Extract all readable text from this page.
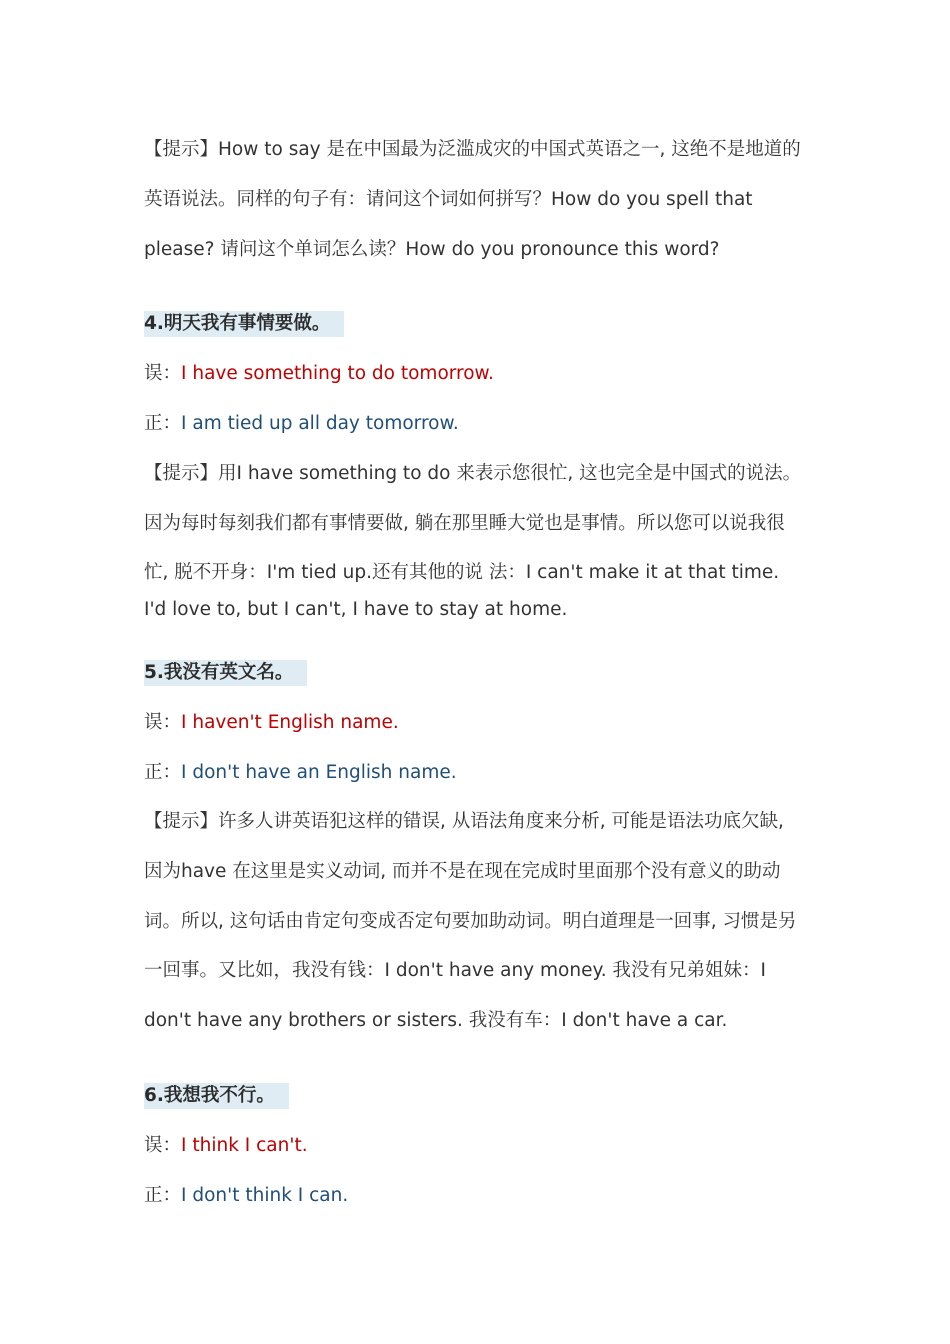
【提示】How to say 是在中国最为泛滥成灾的中国式英语之一, 这绝不是地道的
英语说法。同样的句子有：请问这个词如何拼写？How do you spell that
please? 请问这个单词怎么读？How do you pronounce this word?
4.明天我有事情要做。
误：I have something to do tomorrow.
正：I am tied up all day tomorrow.
【提示】用I have something to do 来表示您很忙, 这也完全是中国式的说法。
因为每时每刻我们都有事情要做, 躺在那里睡大觉也是事情。所以您可以说我很
忙, 脱不开身：I'm tied up.还有其他的说 法：I can't make it at that time.
I'd love to, but I can't, I have to stay at home.
5.我没有英文名。
误：I haven't English name.
正：I don't have an English name.
【提示】许多人讲英语犯这样的错误, 从语法角度来分析, 可能是语法功底欠缺,
因为have 在这里是实义动词, 而并不是在现在完成时里面那个没有意义的助动
词。所以, 这句话由肯定句变成否定句要加助动词。明白道理是一回事, 习惯是另
一回事。又比如，我没有钱：I don't have any money. 我没有兄弟姐妹：I
don't have any brothers or sisters. 我没有车：I don't have a car.
6.我想我不行。
误：I think I can't.
正：I don't think I can.
